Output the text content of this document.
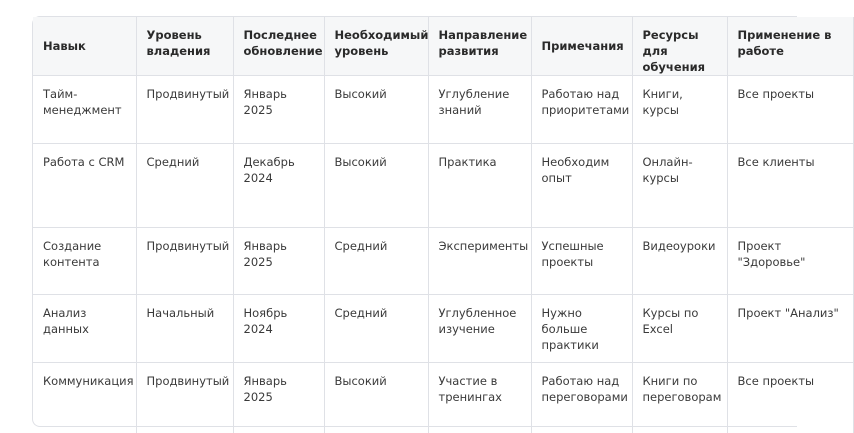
Навык	Уровень владения	Последнее обновление	Необходимый уровень	Направление развития	Примечания	Ресурсы для обучения	Применение в работе
Тайм-менеджмент	Продвинутый	Январь 2025	Высокий	Углубление знаний	Работаю над приоритетами	Книги, курсы	Все проекты
Работа с CRM	Средний	Декабрь 2024	Высокий	Практика	Необходим опыт	Онлайн-курсы	Все клиенты
Создание контента	Продвинутый	Январь 2025	Средний	Эксперименты	Успешные проекты	Видеоуроки	Проект "Здоровье"
Анализ данных	Начальный	Ноябрь 2024	Средний	Углубленное изучение	Нужно больше практики	Курсы по Excel	Проект "Анализ"
Коммуникация	Продвинутый	Январь 2025	Высокий	Участие в тренингах	Работаю над переговорами	Книги по переговорам	Все проекты
